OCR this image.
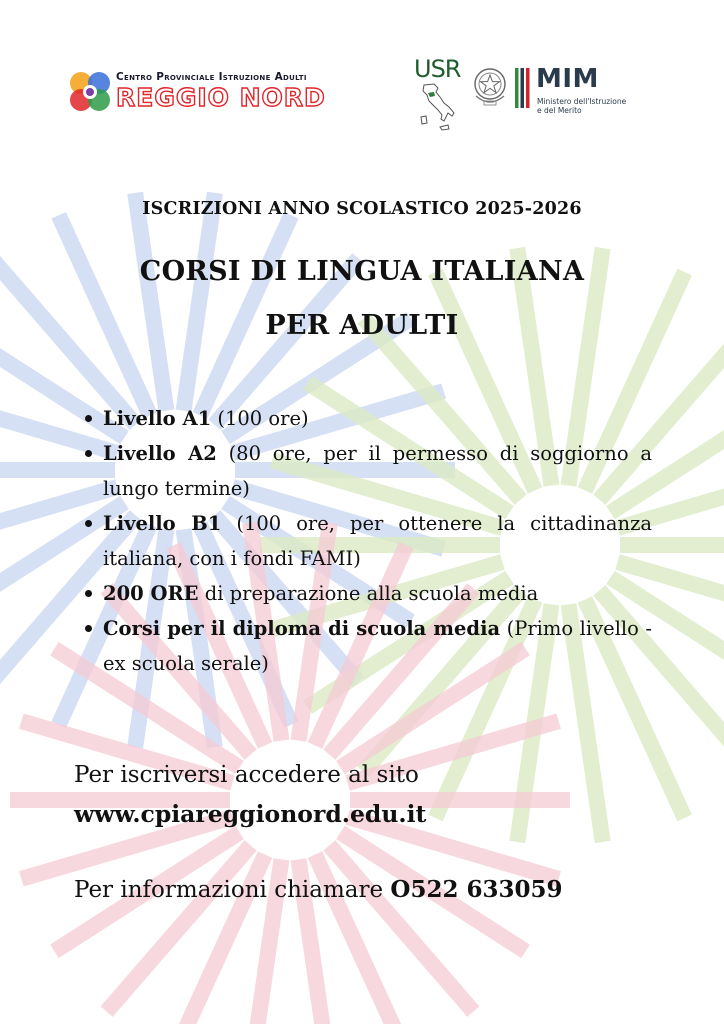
Centro Provinciale Istruzione Adulti
REGGIO NORD
USR	MIM
Ministero dell'Istruzione
e del Merito
ISCRIZIONI ANNO SCOLASTICO 2025-2026
CORSI DI LINGUA ITALIANA
PER ADULTI
Livello A1 (100 ore)
Livello A2 (80 ore, per il permesso di soggiorno a lungo termine)
Livello B1 (100 ore, per ottenere la cittadinanza italiana, con i fondi FAMI)
200 ORE di preparazione alla scuola media
Corsi per il diploma di scuola media (Primo livello - ex scuola serale)
Per iscriversi accedere al sito
www.cpiareggionord.edu.it
Per informazioni chiamare O522 633059
